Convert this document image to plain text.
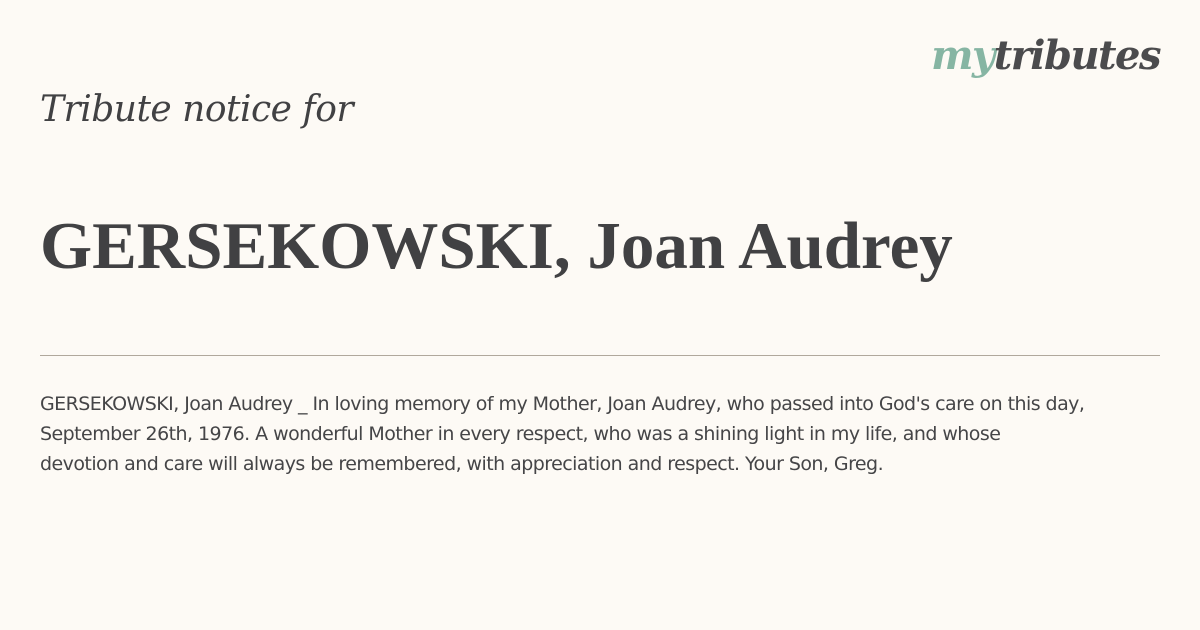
mytributes
Tribute notice for
GERSEKOWSKI, Joan Audrey

GERSEKOWSKI, Joan Audrey _ In loving memory of my Mother, Joan Audrey, who passed into God's care on this day,
September 26th, 1976. A wonderful Mother in every respect, who was a shining light in my life, and whose
devotion and care will always be remembered, with appreciation and respect. Your Son, Greg.
